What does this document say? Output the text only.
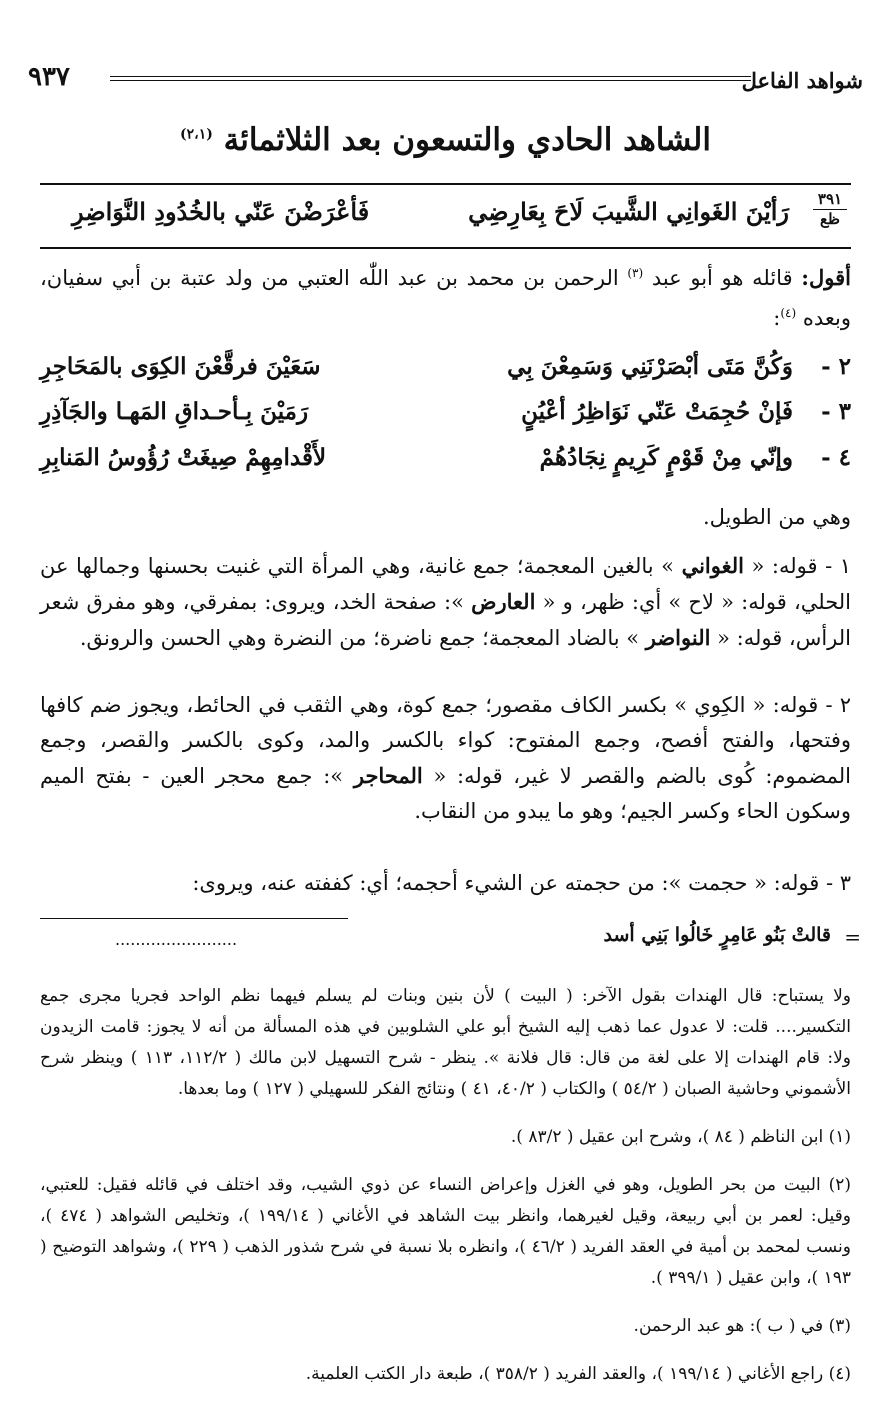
شواهد الفاعل
٩٣٧
الشاهد الحادي والتسعون بعد الثلاثمائة $^{(٢،١)}$
٣٩١
ظع
رَأيْنَ الغَوانِي الشَّيبَ لَاحَ بِعَارِضِي
فَأعْرَضْنَ عَنّي بالخُدُودِ النَّوَاضِرِ
أقول: قائله هو أبو عبد $^{(٣)}$ الرحمن بن محمد بن عبد اللّٰه العتبي من ولد عتبة بن أبي سفيان، وبعده $^{(٤)}$:
٢ -
وَكُنَّ مَتَى أبْصَرْنَنِي وَسَمِعْنَ بِي
سَعَيْنَ فرقَّعْنَ الكِوَى بالمَحَاجِرِ
٣ -
فَإنْ حُجِمَتْ عَنّي نَوَاظِرُ أعْيُنٍ
رَمَيْنَ بِـأحـداقِ المَهـا والجَآذِرِ
٤ -
وإنّي مِنْ قَوْمٍ كَرِيمٍ نِجَادُهُمْ
لأَقْدامِهِمْ صِيغَتْ رُؤُوسُ المَنابِرِ
وهي من الطويل.
١ - قوله: « الغواني » بالغين المعجمة؛ جمع غانية، وهي المرأة التي غنيت بحسنها وجمالها عن الحلي، قوله: « لاح » أي: ظهر، و « العارض »: صفحة الخد، ويروى: بمفرقي، وهو مفرق شعر الرأس، قوله: « النواضر » بالضاد المعجمة؛ جمع ناضرة؛ من النضرة وهي الحسن والرونق.
٢ - قوله: « الكِوي » بكسر الكاف مقصور؛ جمع كوة، وهي الثقب في الحائط، ويجوز ضم كافها وفتحها، والفتح أفصح، وجمع المفتوح: كواء بالكسر والمد، وكوى بالكسر والقصر، وجمع المضموم: كُوى بالضم والقصر لا غير، قوله: « المحاجر »: جمع محجر العين - بفتح الميم وسكون الحاء وكسر الجيم؛ وهو ما يبدو من النقاب.
٣ - قوله: « حجمت »: من حجمته عن الشيء أحجمه؛ أي: كففته عنه، ويروى:
=
قالتْ بَنُو عَامِرٍ خَالُوا بَنِي أسد
........................

ولا يستباح: قال الهندات بقول الآخر: ( البيت ) لأن بنين وبنات لم يسلم فيهما نظم الواحد فجريا مجرى جمع التكسير.... قلت: لا عدول عما ذهب إليه الشيخ أبو علي الشلوبين في هذه المسألة من أنه لا يجوز: قامت الزيدون ولا: قام الهندات إلا على لغة من قال: قال فلانة ». ينظر - شرح التسهيل لابن مالك ( ١١٢/٢، ١١٣ ) وينظر شرح الأشموني وحاشية الصبان ( ٥٤/٢ ) والكتاب ( ٤٠/٢، ٤١ ) ونتائج الفكر للسهيلي ( ١٢٧ ) وما بعدها.

(١) ابن الناظم ( ٨٤ )، وشرح ابن عقيل ( ٨٣/٢ ).

(٢) البيت من بحر الطويل، وهو في الغزل وإعراض النساء عن ذوي الشيب، وقد اختلف في قائله فقيل: للعتبي، وقيل: لعمر بن أبي ربيعة، وقيل لغيرهما، وانظر بيت الشاهد في الأغاني ( ١٩٩/١٤ )، وتخليص الشواهد ( ٤٧٤ )، ونسب لمحمد بن أمية في العقد الفريد ( ٤٦/٢ )، وانظره بلا نسبة في شرح شذور الذهب ( ٢٢٩ )، وشواهد التوضيح ( ١٩٣ )، وابن عقيل ( ٣٩٩/١ ).

(٣) في ( ب ): هو عبد الرحمن.

(٤) راجع الأغاني ( ١٩٩/١٤ )، والعقد الفريد ( ٣٥٨/٢ )، طبعة دار الكتب العلمية.
